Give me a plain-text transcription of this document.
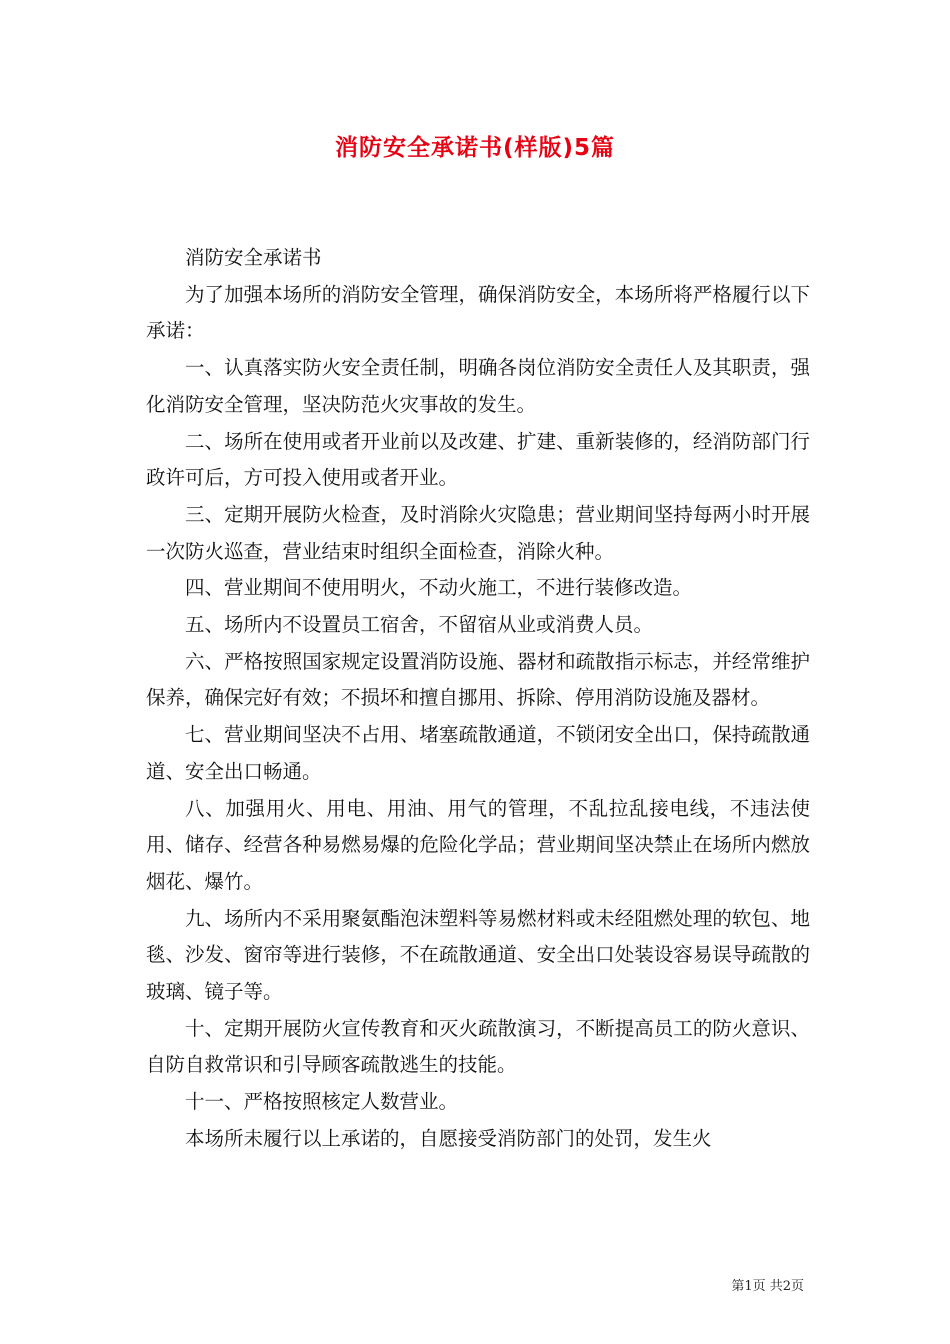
消防安全承诺书(样版)5篇

消防安全承诺书

为了加强本场所的消防安全管理，确保消防安全，本场所将严格履行以下承诺：

一、认真落实防火安全责任制，明确各岗位消防安全责任人及其职责，强化消防安全管理，坚决防范火灾事故的发生。

二、场所在使用或者开业前以及改建、扩建、重新装修的，经消防部门行政许可后，方可投入使用或者开业。

三、定期开展防火检查，及时消除火灾隐患；营业期间坚持每两小时开展一次防火巡查，营业结束时组织全面检查，消除火种。

四、营业期间不使用明火，不动火施工，不进行装修改造。

五、场所内不设置员工宿舍，不留宿从业或消费人员。

六、严格按照国家规定设置消防设施、器材和疏散指示标志，并经常维护保养，确保完好有效；不损坏和擅自挪用、拆除、停用消防设施及器材。

七、营业期间坚决不占用、堵塞疏散通道，不锁闭安全出口，保持疏散通道、安全出口畅通。

八、加强用火、用电、用油、用气的管理，不乱拉乱接电线，不违法使用、储存、经营各种易燃易爆的危险化学品；营业期间坚决禁止在场所内燃放烟花、爆竹。

九、场所内不采用聚氨酯泡沫塑料等易燃材料或未经阻燃处理的软包、地毯、沙发、窗帘等进行装修，不在疏散通道、安全出口处装设容易误导疏散的玻璃、镜子等。

十、定期开展防火宣传教育和灭火疏散演习，不断提高员工的防火意识、自防自救常识和引导顾客疏散逃生的技能。

十一、严格按照核定人数营业。

本场所未履行以上承诺的，自愿接受消防部门的处罚，发生火

第1页 共2页
